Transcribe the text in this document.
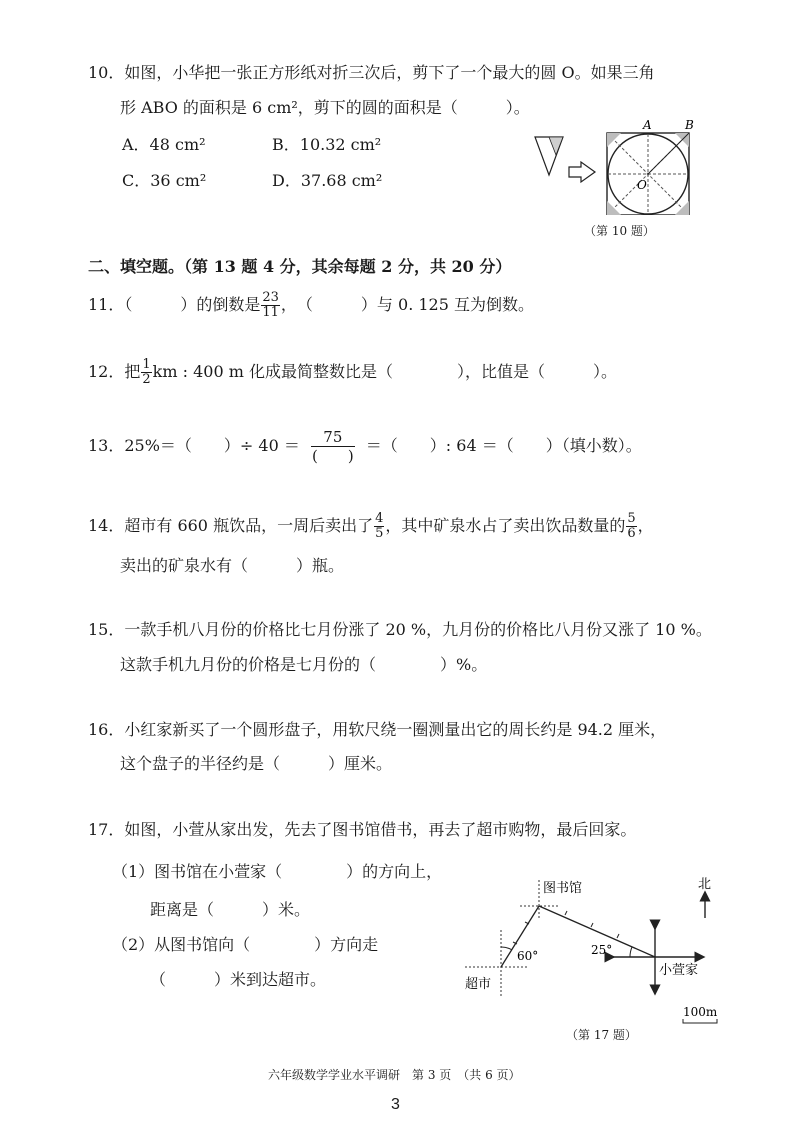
10．如图，小华把一张正方形纸对折三次后，剪下了一个最大的圆 O。如果三角
形 ABO 的面积是 6 cm²，剪下的圆的面积是（　　　）。
A．48 cm²	B．10.32 cm²
C．36 cm²	D．37.68 cm²
A	B
O
（第 10 题）
二、填空题。（第 13 题 4 分，其余每题 2 分，共 20 分）
11．（　　　）的倒数是 $\frac{23}{11}$ ，　（　　　）与 0. 125 互为倒数。
12．把 $\frac{1}{2}$ km : 400 m 化成最简整数比是（　　　　），比值是（　　　）。
13．25%＝（　　）÷ $40 = \frac{75}{( )}$ ＝（　　）: 64 ＝（　　）（填小数）。
14．超市有 660 瓶饮品，一周后卖出了 $\frac{4}{5}$ ，其中矿泉水占了卖出饮品数量的 $\frac{5}{6}$ ，
卖出的矿泉水有（　　　）瓶。
15．一款手机八月份的价格比七月份涨了 20 %，九月份的价格比八月份又涨了 10 %。
这款手机九月份的价格是七月份的（　　　　）%。
16．小红家新买了一个圆形盘子，用软尺绕一圈测量出它的周长约是 94.2 厘米，
这个盘子的半径约是（　　　）厘米。
17．如图，小萱从家出发，先去了图书馆借书，再去了超市购物，最后回家。
（1）图书馆在小萱家（　　　　）的方向上，
距离是（　　　）米。
（2）从图书馆向（　　　　）方向走
（　　　）米到达超市。
图书馆
超市
小萱家
60°	25°
北
100m
（第 17 题）
六年级数学学业水平调研　第 3 页　（共 6 页）
3
